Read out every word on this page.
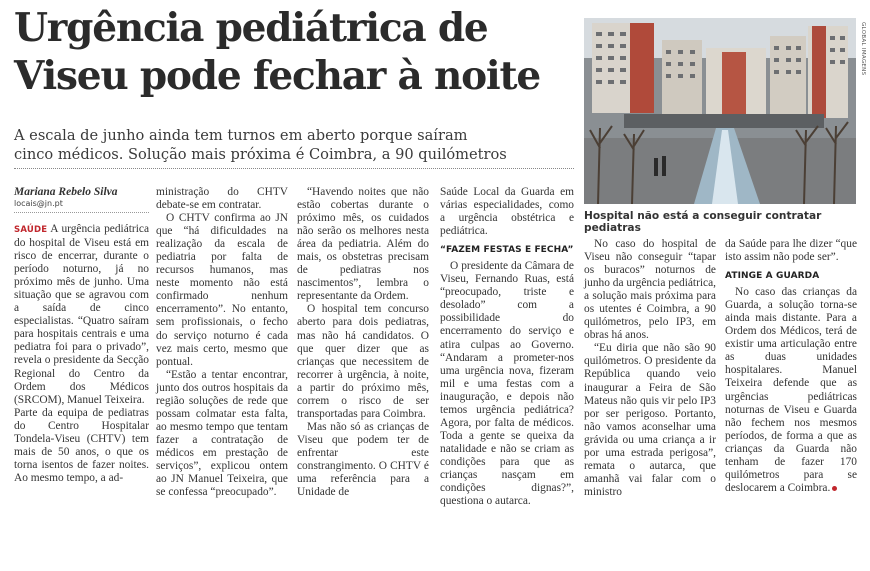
Urgência pediátrica de
Viseu pode fechar à noite

A escala de junho ainda tem turnos em aberto porque saíram
cinco médicos. Solução mais próxima é Coimbra, a 90 quilómetros

GLOBAL IMAGENS
Hospital não está a conseguir contratar pediatras
Mariana Rebelo Silva
locais@jn.pt

SAÚDE A urgência pediátrica do hospital de Viseu está em risco de encerrar, durante o período noturno, já no próximo mês de junho. Uma situação que se agravou com a saída de cinco especialistas. “Quatro saíram para hospitais centrais e uma pediatra foi para o privado”, revela o presidente da Secção Regional do Centro da Ordem dos Médicos (SRCOM), Manuel Teixeira.

Parte da equipa de pediatras do Centro Hospitalar Tondela-Viseu (CHTV) tem mais de 50 anos, o que os torna isentos de fazer noites. Ao mesmo tempo, a ad-

ministração do CHTV debate-se em contratar.

O CHTV confirma ao JN que “há dificuldades na realização da escala de pediatria por falta de recursos humanos, mas neste momento não está confirmado nenhum encerramento”. No entanto, sem profissionais, o fecho do serviço noturno é cada vez mais certo, mesmo que pontual.

“Estão a tentar encontrar, junto dos outros hospitais da região soluções de rede que possam colmatar esta falta, ao mesmo tempo que tentam fazer a contratação de médicos em prestação de serviços”, explicou ontem ao JN Manuel Teixeira, que se confessa “preocupado”.

“Havendo noites que não estão cobertas durante o próximo mês, os cuidados não serão os melhores nesta área da pediatria. Além do mais, os obstetras precisam de pediatras nos nascimentos”, lembra o representante da Ordem.

O hospital tem concurso aberto para dois pediatras, mas não há candidatos. O que quer dizer que as crianças que necessitem de recorrer à urgência, à noite, a partir do próximo mês, correm o risco de ser transportadas para Coimbra.

Mas não só as crianças de Viseu que podem ter de enfrentar este constrangimento. O CHTV é uma referência para a Unidade de

Saúde Local da Guarda em várias especialidades, como a urgência obstétrica e pediátrica.

“FAZEM FESTAS E FECHA”

O presidente da Câmara de Viseu, Fernando Ruas, está “preocupado, triste e desolado” com a possibilidade do encerramento do serviço e atira culpas ao Governo. “Andaram a prometer-nos uma urgência nova, fizeram mil e uma festas com a inauguração, e depois não temos urgência pediátrica? Agora, por falta de médicos. Toda a gente se queixa da natalidade e não se criam as condições para que as crianças nasçam em condições dignas?”, questiona o autarca.

No caso do hospital de Viseu não conseguir “tapar os buracos” noturnos de junho da urgência pediátrica, a solução mais próxima para os utentes é Coimbra, a 90 quilómetros, pelo IP3, em obras há anos.

“Eu diria que não são 90 quilómetros. O presidente da República quando veio inaugurar a Feira de São Mateus não quis vir pelo IP3 por ser perigoso. Portanto, não vamos aconselhar uma grávida ou uma criança a ir por uma estrada perigosa”, remata o autarca, que amanhã vai falar com o ministro

da Saúde para lhe dizer “que isto assim não pode ser”.

ATINGE A GUARDA

No caso das crianças da Guarda, a solução torna-se ainda mais distante. Para a Ordem dos Médicos, terá de existir uma articulação entre as duas unidades hospitalares. Manuel Teixeira defende que as urgências pediátricas noturnas de Viseu e Guarda não fechem nos mesmos períodos, de forma a que as crianças da Guarda não tenham de fazer 170 quilómetros para se deslocarem a Coimbra.
